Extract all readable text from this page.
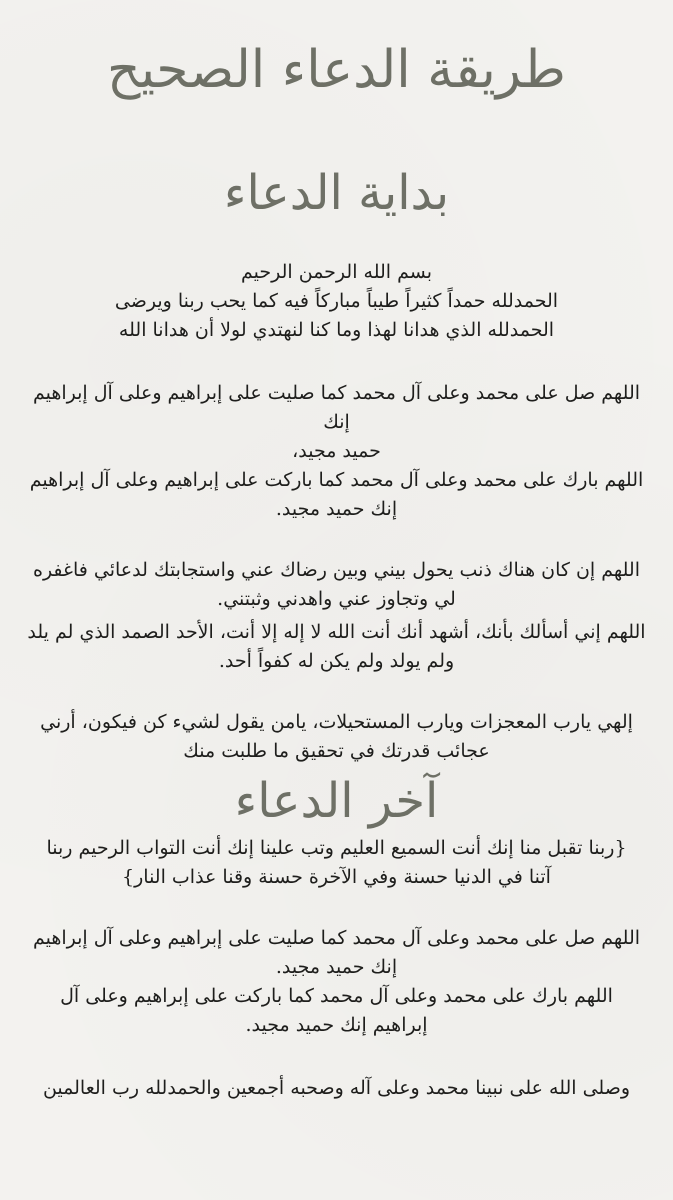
طريقة الدعاء الصحيح
بداية الدعاء

بسم الله الرحمن الرحيم
الحمدلله حمداً كثيراً طيباً مباركاً فيه كما يحب ربنا ويرضى
الحمدلله الذي هدانا لهذا وما كنا لنهتدي لولا أن هدانا الله

اللهم صل على محمد وعلى آل محمد كما صليت على إبراهيم وعلى آل إبراهيم إنك
حميد مجيد،
اللهم بارك على محمد وعلى آل محمد كما باركت على إبراهيم وعلى آل إبراهيم
إنك حميد مجيد.

اللهم إن كان هناك ذنب يحول بيني وبين رضاك عني واستجابتك لدعائي فاغفره
لي وتجاوز عني واهدني وثبتني.

اللهم إني أسألك بأنك، أشهد أنك أنت الله لا إله إلا أنت، الأحد الصمد الذي لم يلد
ولم يولد ولم يكن له كفواً أحد.

إلهي يارب المعجزات ويارب المستحيلات، يامن يقول لشيء كن فيكون، أرني
عجائب قدرتك في تحقيق ما طلبت منك

آخر الدعاء

{ربنا تقبل منا إنك أنت السميع العليم وتب علينا إنك أنت التواب الرحيم ربنا
آتنا في الدنيا حسنة وفي الآخرة حسنة وقنا عذاب النار}

اللهم صل على محمد وعلى آل محمد كما صليت على إبراهيم وعلى آل إبراهيم
إنك حميد مجيد.
اللهم بارك على محمد وعلى آل محمد كما باركت على إبراهيم وعلى آل
إبراهيم إنك حميد مجيد.

وصلى الله على نبينا محمد وعلى آله وصحبه أجمعين والحمدلله رب العالمين
